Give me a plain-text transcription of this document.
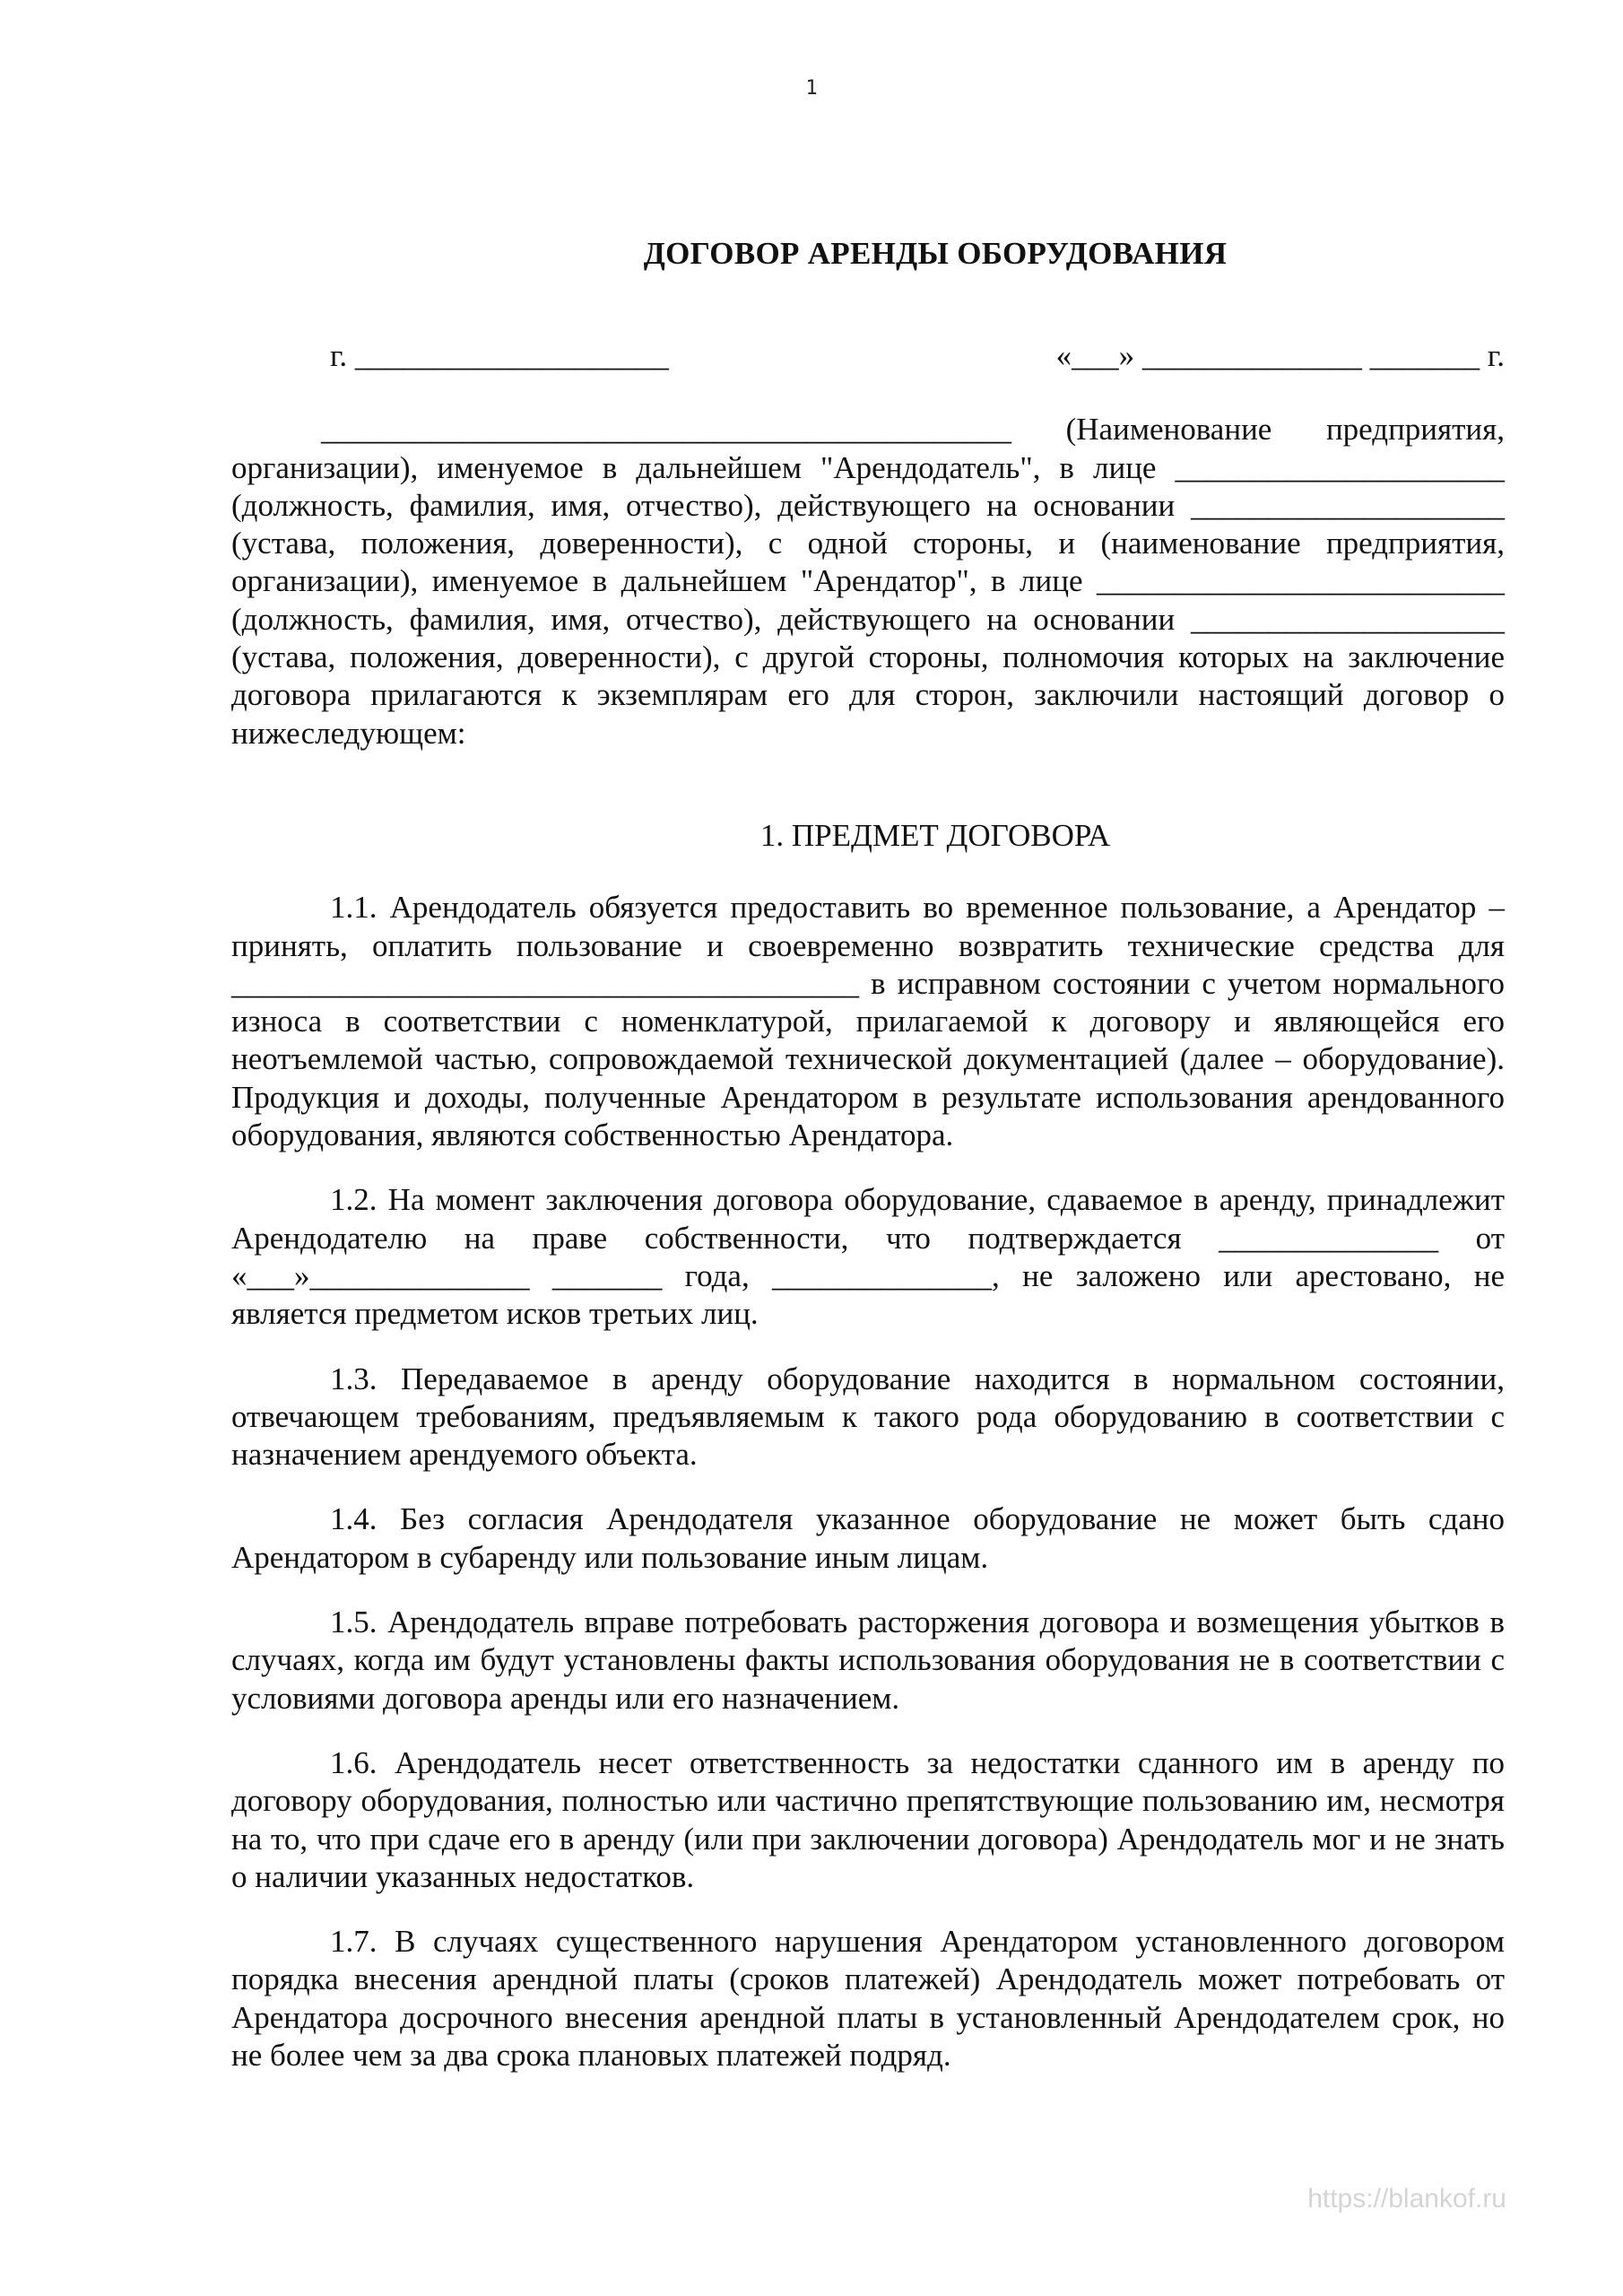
1
ДОГОВОР АРЕНДЫ ОБОРУДОВАНИЯ
г. ____________________	«___» ______________ _______ г.

____________________________________________ (Наименование предприятия, организации), именуемое в дальнейшем "Арендодатель", в лице _____________________ (должность, фамилия, имя, отчество), действующего на основании ____________________ (устава, положения, доверенности), с одной стороны, и (наименование предприятия, организации), именуемое в дальнейшем "Арендатор", в лице __________________________ (должность, фамилия, имя, отчество), действующего на основании ____________________ (устава, положения, доверенности), с другой стороны, полномочия которых на заключение договора прилагаются к экземплярам его для сторон, заключили настоящий договор о нижеследующем:

1. ПРЕДМЕТ ДОГОВОРА

1.1. Арендодатель обязуется предоставить во временное пользование, а Арендатор – принять, оплатить пользование и своевременно возвратить технические средства для ________________________________________ в исправном состоянии с учетом нормального износа в соответствии с номенклатурой, прилагаемой к договору и являющейся его неотъемлемой частью, сопровождаемой технической документацией (далее – оборудование). Продукция и доходы, полученные Арендатором в результате использования арендованного оборудования, являются собственностью Арендатора.

1.2. На момент заключения договора оборудование, сдаваемое в аренду, принадлежит Арендодателю на праве собственности, что подтверждается ______________ от «___»______________ _______ года, ______________, не заложено или арестовано, не является предметом исков третьих лиц.

1.3. Передаваемое в аренду оборудование находится в нормальном состоянии, отвечающем требованиям, предъявляемым к такого рода оборудованию в соответствии с назначением арендуемого объекта.

1.4. Без согласия Арендодателя указанное оборудование не может быть сдано Арендатором в субаренду или пользование иным лицам.

1.5. Арендодатель вправе потребовать расторжения договора и возмещения убытков в случаях, когда им будут установлены факты использования оборудования не в соответствии с условиями договора аренды или его назначением.

1.6. Арендодатель несет ответственность за недостатки сданного им в аренду по договору оборудования, полностью или частично препятствующие пользованию им, несмотря на то, что при сдаче его в аренду (или при заключении договора) Арендодатель мог и не знать о наличии указанных недостатков.

1.7. В случаях существенного нарушения Арендатором установленного договором порядка внесения арендной платы (сроков платежей) Арендодатель может потребовать от Арендатора досрочного внесения арендной платы в установленный Арендодателем срок, но не более чем за два срока плановых платежей подряд.

https://blankof.ru
